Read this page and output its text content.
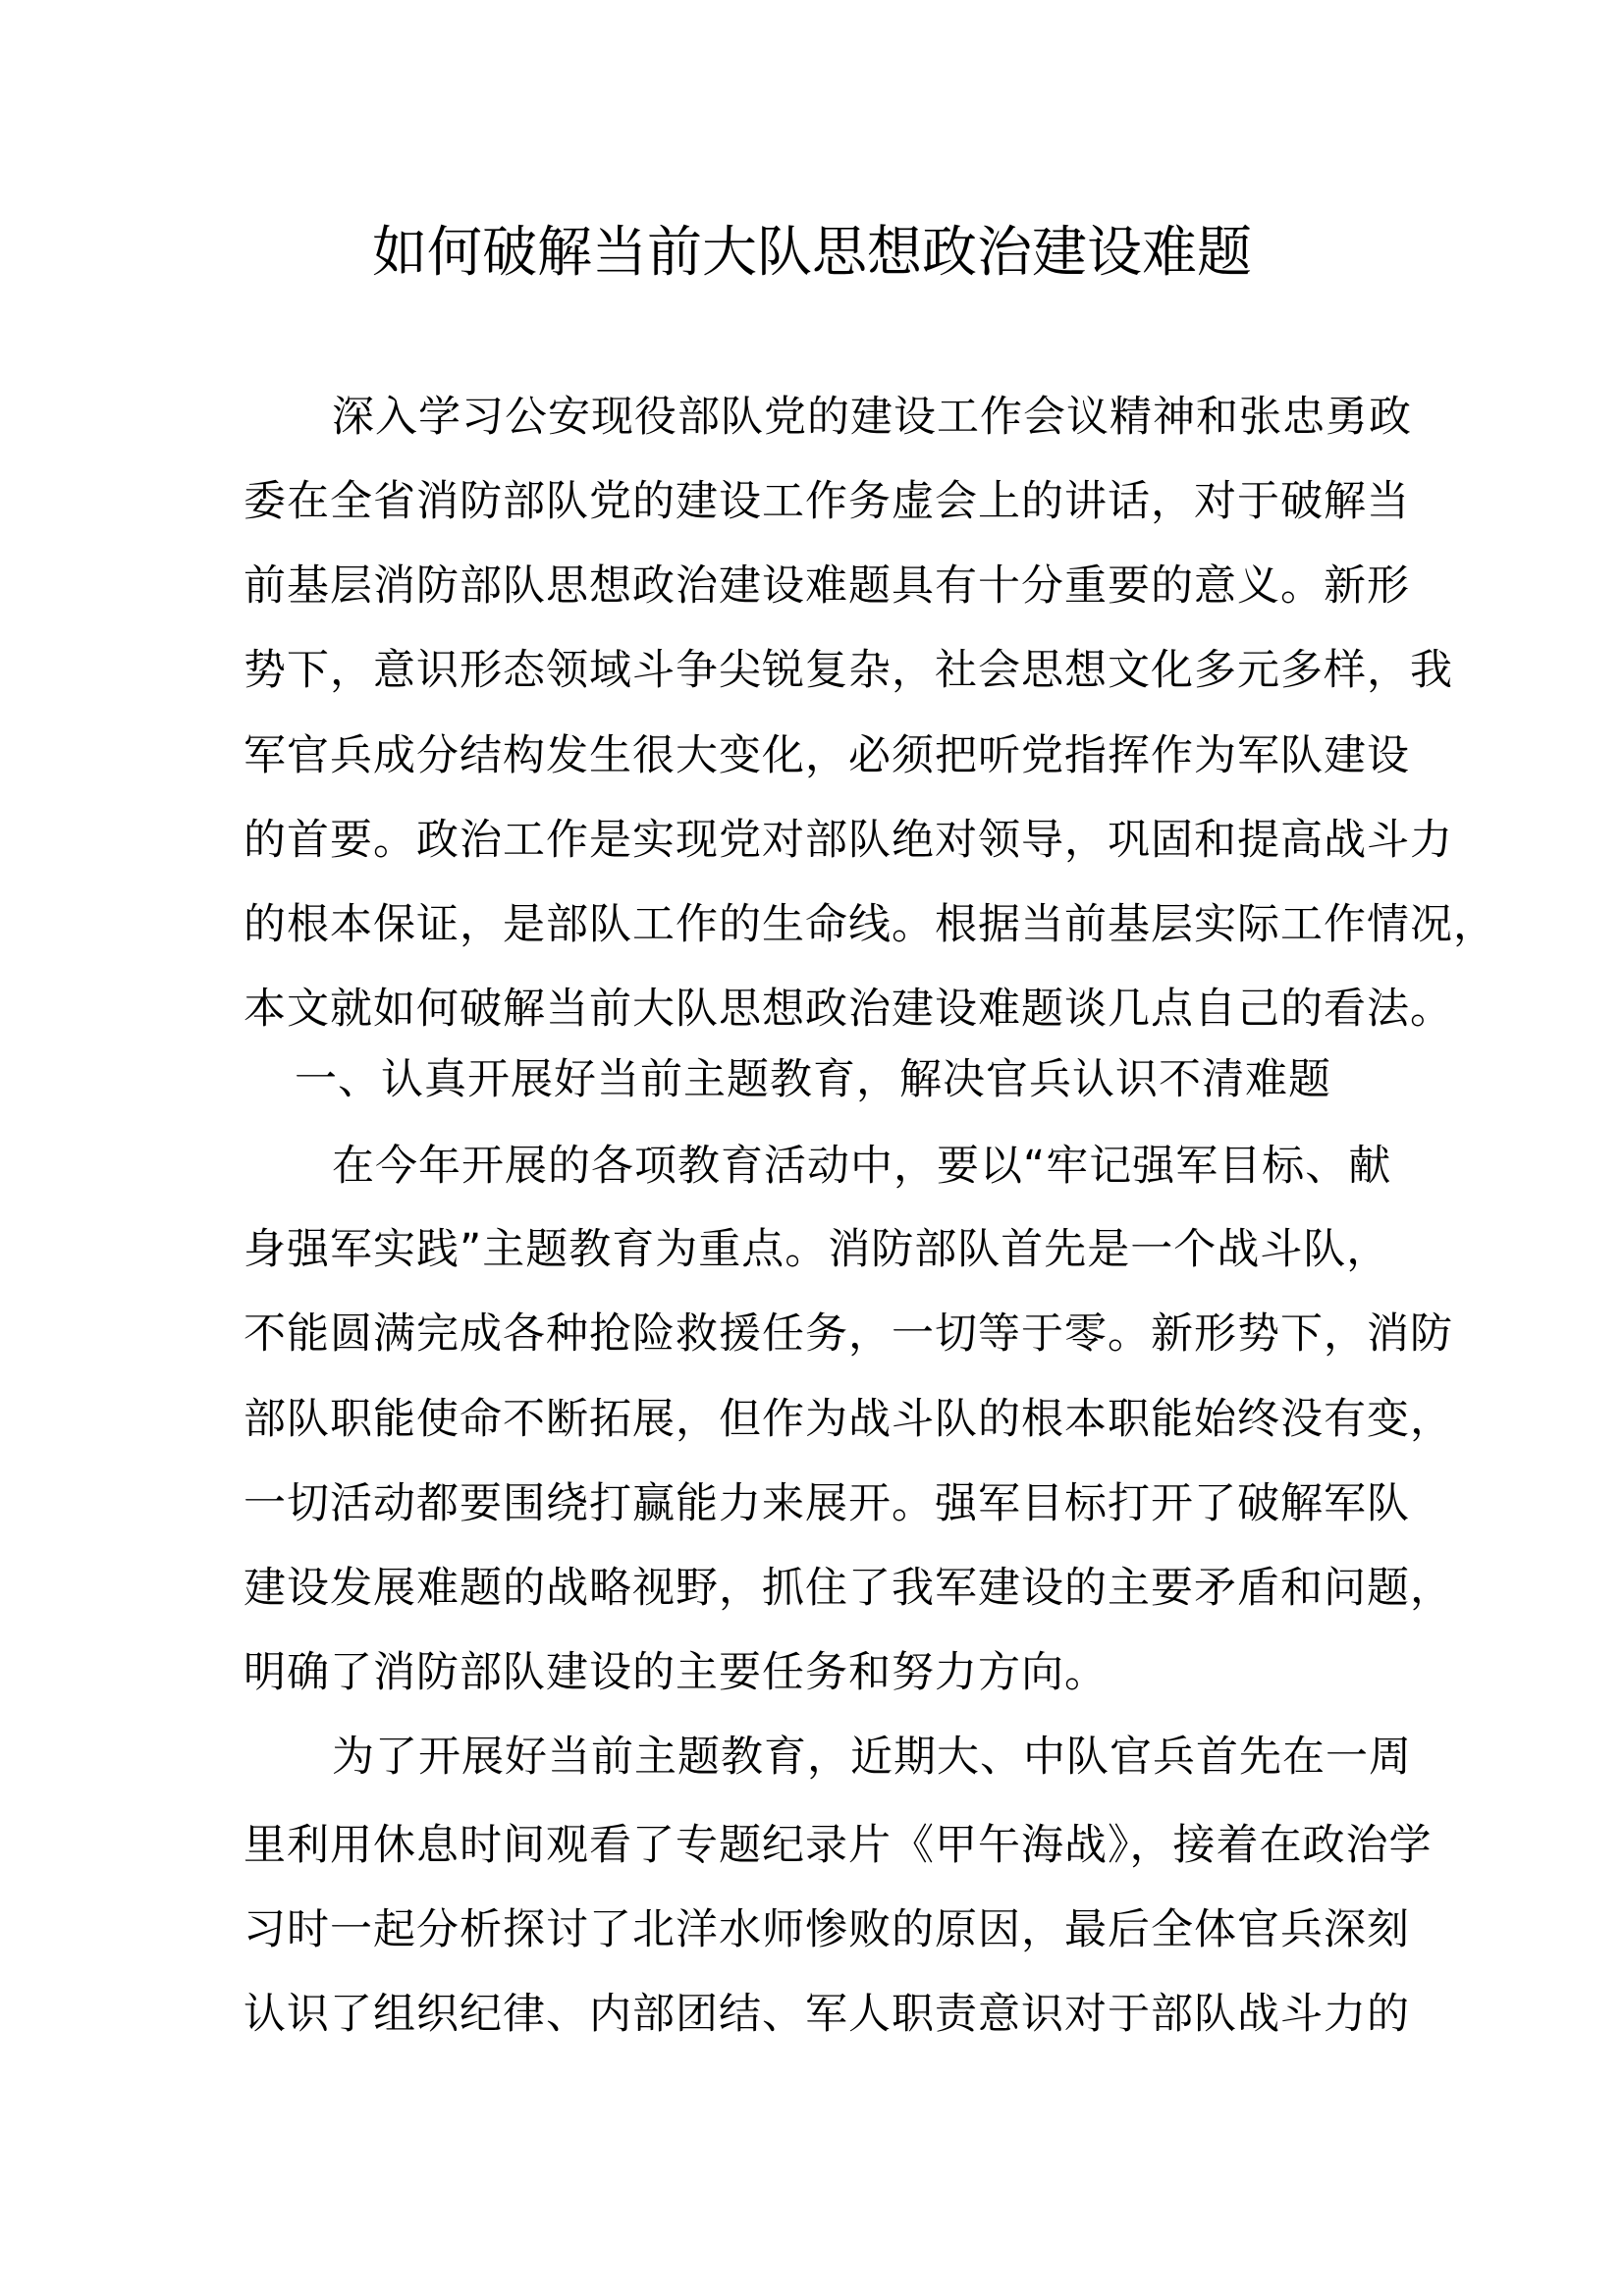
如何破解当前大队思想政治建设难题
深入学习公安现役部队党的建设工作会议精神和张忠勇政
委在全省消防部队党的建设工作务虚会上的讲话，对于破解当
前基层消防部队思想政治建设难题具有十分重要的意义。新形
势下，意识形态领域斗争尖锐复杂，社会思想文化多元多样，我
军官兵成分结构发生很大变化，必须把听党指挥作为军队建设
的首要。政治工作是实现党对部队绝对领导，巩固和提高战斗力
的根本保证，是部队工作的生命线。根据当前基层实际工作情况，
本文就如何破解当前大队思想政治建设难题谈几点自己的看法。
一、认真开展好当前主题教育，解决官兵认识不清难题
在今年开展的各项教育活动中，要以“牢记强军目标、献
身强军实践”主题教育为重点。消防部队首先是一个战斗队，
不能圆满完成各种抢险救援任务，一切等于零。新形势下，消防
部队职能使命不断拓展，但作为战斗队的根本职能始终没有变，
一切活动都要围绕打赢能力来展开。强军目标打开了破解军队
建设发展难题的战略视野，抓住了我军建设的主要矛盾和问题，
明确了消防部队建设的主要任务和努力方向。
为了开展好当前主题教育，近期大、中队官兵首先在一周
里利用休息时间观看了专题纪录片《甲午海战》，接着在政治学
习时一起分析探讨了北洋水师惨败的原因，最后全体官兵深刻
认识了组织纪律、内部团结、军人职责意识对于部队战斗力的
